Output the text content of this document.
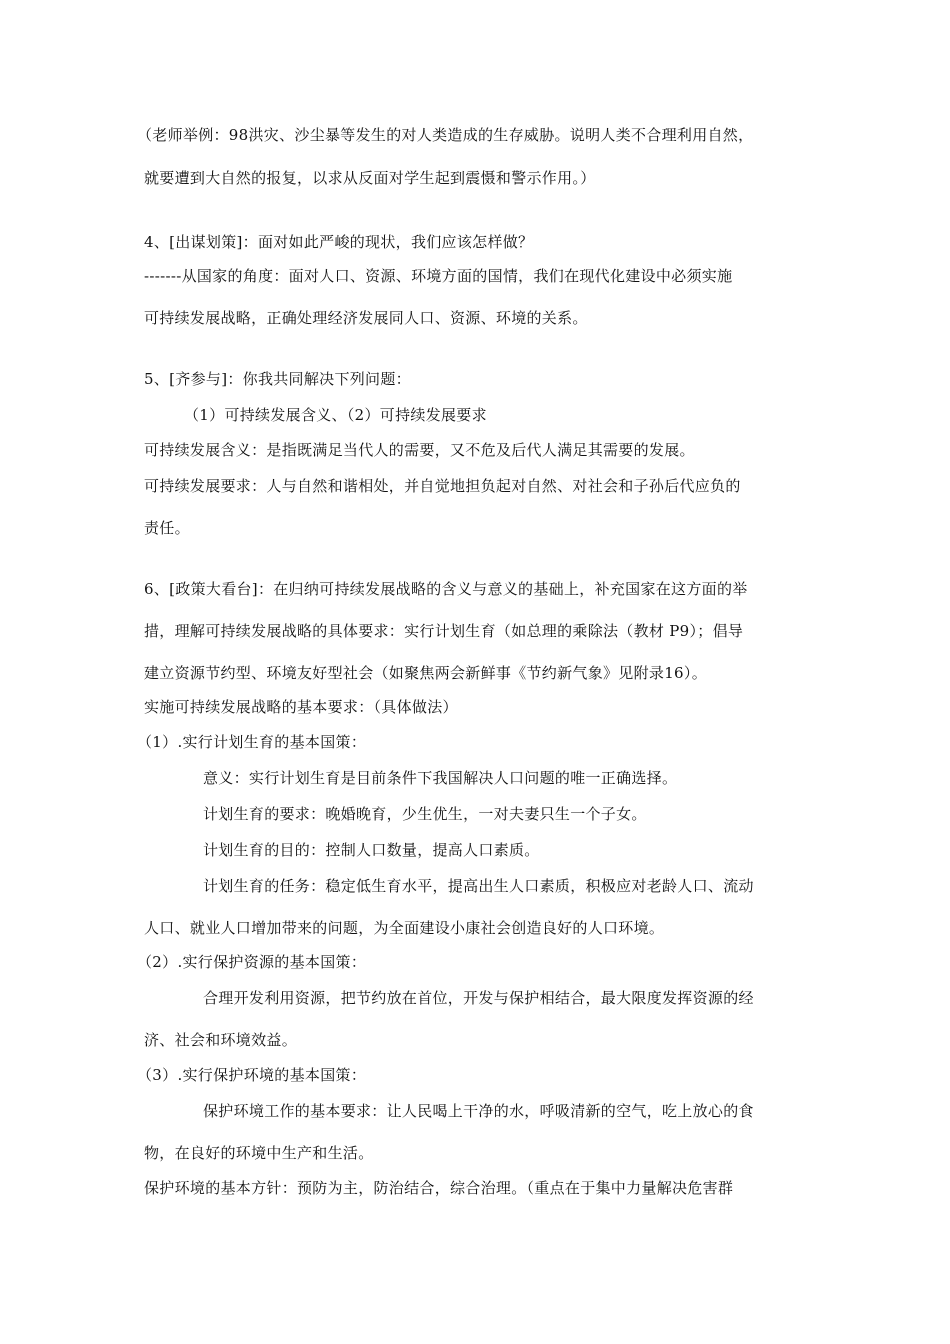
（老师举例：98洪灾、沙尘暴等发生的对人类造成的生存威胁。说明人类不合理利用自然，
就要遭到大自然的报复，以求从反面对学生起到震慑和警示作用。）
4、[出谋划策]：面对如此严峻的现状，我们应该怎样做？
-------从国家的角度：面对人口、资源、环境方面的国情，我们在现代化建设中必须实施
可持续发展战略，正确处理经济发展同人口、资源、环境的关系。
5、[齐参与]：你我共同解决下列问题：
（1）可持续发展含义、（2）可持续发展要求
可持续发展含义：是指既满足当代人的需要，又不危及后代人满足其需要的发展。
可持续发展要求：人与自然和谐相处，并自觉地担负起对自然、对社会和子孙后代应负的
责任。
6、[政策大看台]：在归纳可持续发展战略的含义与意义的基础上，补充国家在这方面的举
措，理解可持续发展战略的具体要求：实行计划生育（如总理的乘除法（教材 P9）；倡导
建立资源节约型、环境友好型社会（如聚焦两会新鲜事《节约新气象》见附录16）。
实施可持续发展战略的基本要求：（具体做法）
（1）.实行计划生育的基本国策：
意义：实行计划生育是目前条件下我国解决人口问题的唯一正确选择。
计划生育的要求：晚婚晚育，少生优生，一对夫妻只生一个子女。
计划生育的目的：控制人口数量，提高人口素质。
计划生育的任务：稳定低生育水平，提高出生人口素质，积极应对老龄人口、流动
人口、就业人口增加带来的问题，为全面建设小康社会创造良好的人口环境。
（2）.实行保护资源的基本国策：
合理开发利用资源，把节约放在首位，开发与保护相结合，最大限度发挥资源的经
济、社会和环境效益。
（3）.实行保护环境的基本国策：
保护环境工作的基本要求：让人民喝上干净的水，呼吸清新的空气，吃上放心的食
物，在良好的环境中生产和生活。
保护环境的基本方针：预防为主，防治结合，综合治理。（重点在于集中力量解决危害群
